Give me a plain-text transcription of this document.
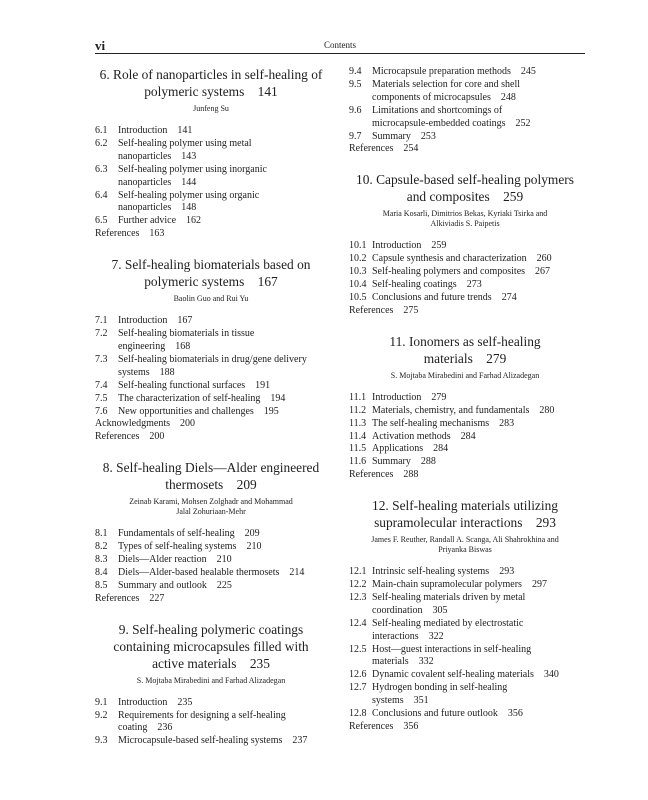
vi	Contents
6. Role of nanoparticles in self-healing of
polymeric systems  141
Junfeng Su
6.1 Introduction  141
6.2 Self-healing polymer using metal
nanoparticles  143
6.3 Self-healing polymer using inorganic
nanoparticles  144
6.4 Self-healing polymer using organic
nanoparticles  148
6.5 Further advice  162
References  163
7. Self-healing biomaterials based on
polymeric systems  167
Baolin Guo and Rui Yu
7.1 Introduction  167
7.2 Self-healing biomaterials in tissue
engineering  168
7.3 Self-healing biomaterials in drug/gene delivery
systems  188
7.4 Self-healing functional surfaces  191
7.5 The characterization of self-healing  194
7.6 New opportunities and challenges  195
Acknowledgments  200
References  200
8. Self-healing Diels—Alder engineered
thermosets  209
Zeinab Karami, Mohsen Zolghadr and Mohammad
Jalal Zohuriaan-Mehr
8.1 Fundamentals of self-healing  209
8.2 Types of self-healing systems  210
8.3 Diels—Alder reaction  210
8.4 Diels—Alder-based healable thermosets  214
8.5 Summary and outlook  225
References  227
9. Self-healing polymeric coatings
containing microcapsules filled with
active materials  235
S. Mojtaba Mirabedini and Farhad Alizadegan
9.1 Introduction  235
9.2 Requirements for designing a self-healing
coating  236
9.3 Microcapsule-based self-healing systems  237
9.4 Microcapsule preparation methods  245
9.5 Materials selection for core and shell
components of microcapsules  248
9.6 Limitations and shortcomings of
microcapsule-embedded coatings  252
9.7 Summary  253
References  254
10. Capsule-based self-healing polymers
and composites  259
Maria Kosarli, Dimitrios Bekas, Kyriaki Tsirka and
Alkiviadis S. Paipetis
10.1 Introduction  259
10.2 Capsule synthesis and characterization  260
10.3 Self-healing polymers and composites  267
10.4 Self-healing coatings  273
10.5 Conclusions and future trends  274
References  275
11. Ionomers as self-healing
materials  279
S. Mojtaba Mirabedini and Farhad Alizadegan
11.1 Introduction  279
11.2 Materials, chemistry, and fundamentals  280
11.3 The self-healing mechanisms  283
11.4 Activation methods  284
11.5 Applications  284
11.6 Summary  288
References  288
12. Self-healing materials utilizing
supramolecular interactions  293
James F. Reuther, Randall A. Scanga, Ali Shahrokhina and
Priyanka Biswas
12.1 Intrinsic self-healing systems  293
12.2 Main-chain supramolecular polymers  297
12.3 Self-healing materials driven by metal
coordination  305
12.4 Self-healing mediated by electrostatic
interactions  322
12.5 Host—guest interactions in self-healing
materials  332
12.6 Dynamic covalent self-healing materials  340
12.7 Hydrogen bonding in self-healing
systems  351
12.8 Conclusions and future outlook  356
References  356
